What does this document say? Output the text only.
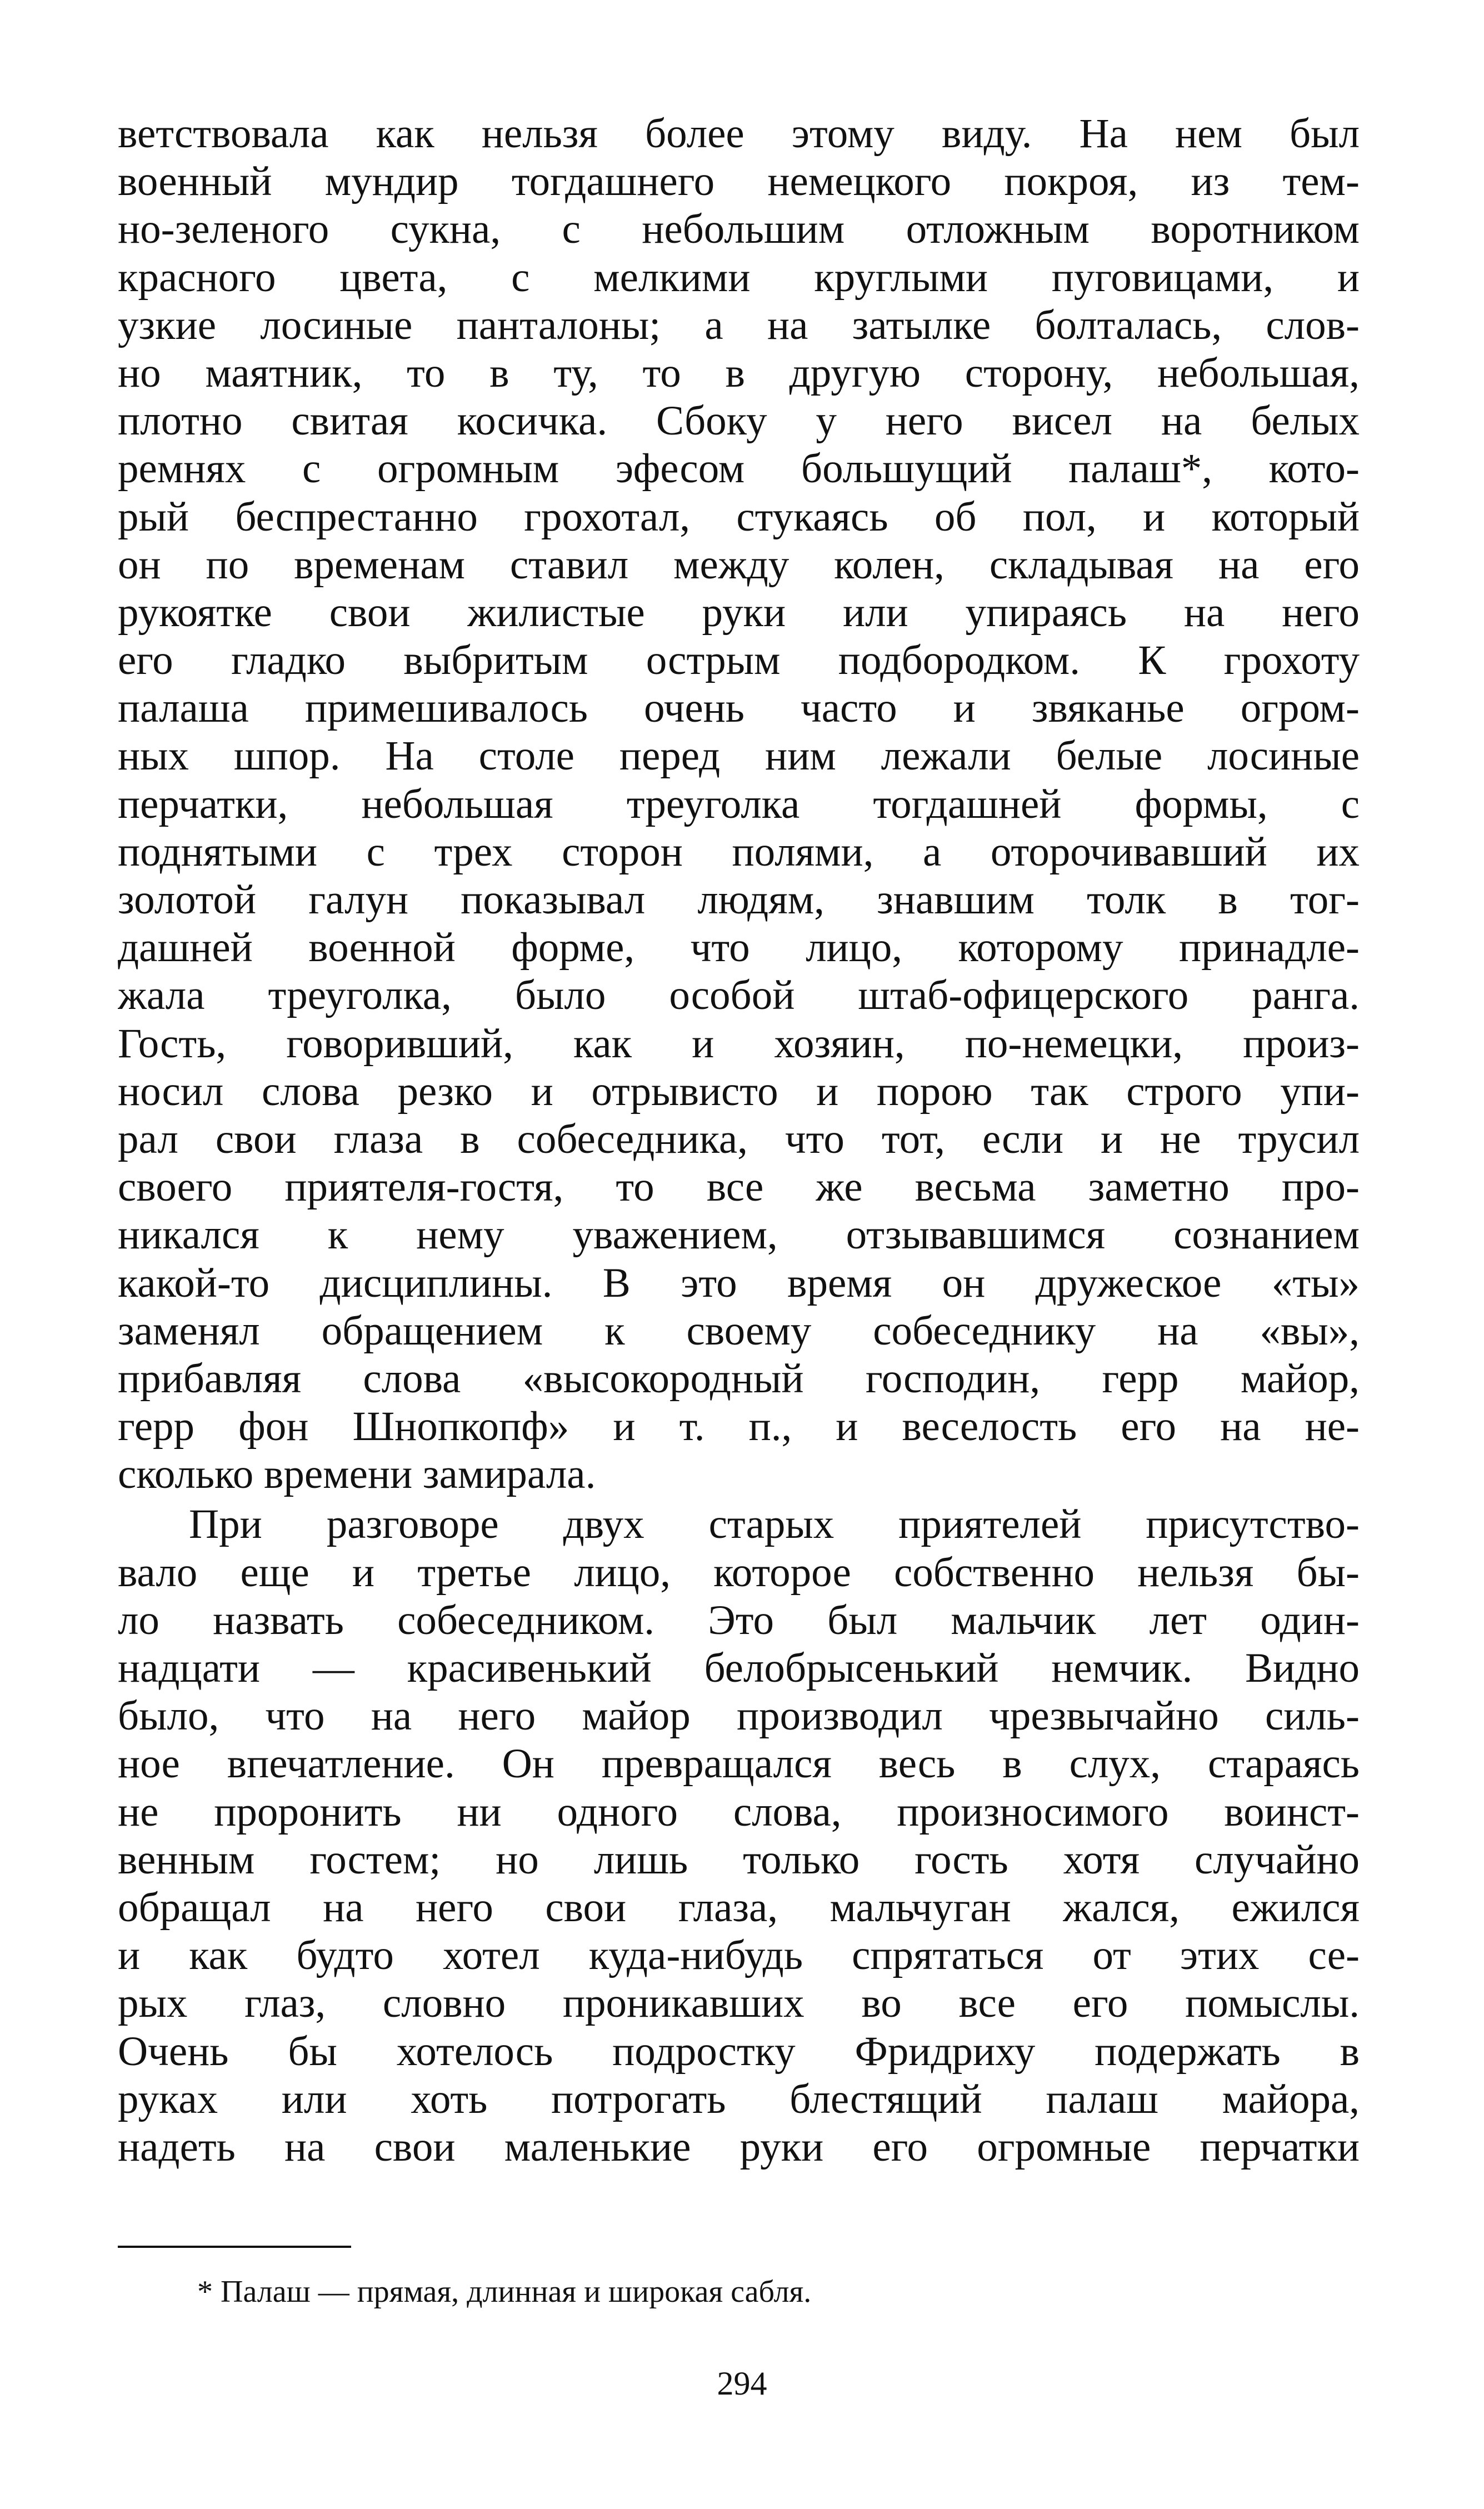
ветствовала как нельзя более этому виду. На нем был
военный мундир тогдашнего немецкого покроя, из тем-
но-зеленого сукна, с небольшим отложным воротником
красного цвета, с мелкими круглыми пуговицами, и
узкие лосиные панталоны; а на затылке болталась, слов-
но маятник, то в ту, то в другую сторону, небольшая,
плотно свитая косичка. Сбоку у него висел на белых
ремнях с огромным эфесом большущий палаш*, кото-
рый беспрестанно грохотал, стукаясь об пол, и который
он по временам ставил между колен, складывая на его
рукоятке свои жилистые руки или упираясь на него
его гладко выбритым острым подбородком. К грохоту
палаша примешивалось очень часто и звяканье огром-
ных шпор. На столе перед ним лежали белые лосиные
перчатки, небольшая треуголка тогдашней формы, с
поднятыми с трех сторон полями, а оторочивавший их
золотой галун показывал людям, знавшим толк в тог-
дашней военной форме, что лицо, которому принадле-
жала треуголка, было особой штаб-офицерского ранга.
Гость, говоривший, как и хозяин, по-немецки, произ-
носил слова резко и отрывисто и порою так строго упи-
рал свои глаза в собеседника, что тот, если и не трусил
своего приятеля-гостя, то все же весьма заметно про-
никался к нему уважением, отзывавшимся сознанием
какой-то дисциплины. В это время он дружеское «ты»
заменял обращением к своему собеседнику на «вы»,
прибавляя слова «высокородный господин, герр майор,
герр фон Шнопкопф» и т. п., и веселость его на не-
сколько времени замирала.
При разговоре двух старых приятелей присутство-
вало еще и третье лицо, которое собственно нельзя бы-
ло назвать собеседником. Это был мальчик лет один-
надцати — красивенький белобрысенький немчик. Видно
было, что на него майор производил чрезвычайно силь-
ное впечатление. Он превращался весь в слух, стараясь
не проронить ни одного слова, произносимого воинст-
венным гостем; но лишь только гость хотя случайно
обращал на него свои глаза, мальчуган жался, ежился
и как будто хотел куда-нибудь спрятаться от этих се-
рых глаз, словно проникавших во все его помыслы.
Очень бы хотелось подростку Фридриху подержать в
руках или хоть потрогать блестящий палаш майора,
надеть на свои маленькие руки его огромные перчатки
* Палаш — прямая, длинная и широкая сабля.
294
